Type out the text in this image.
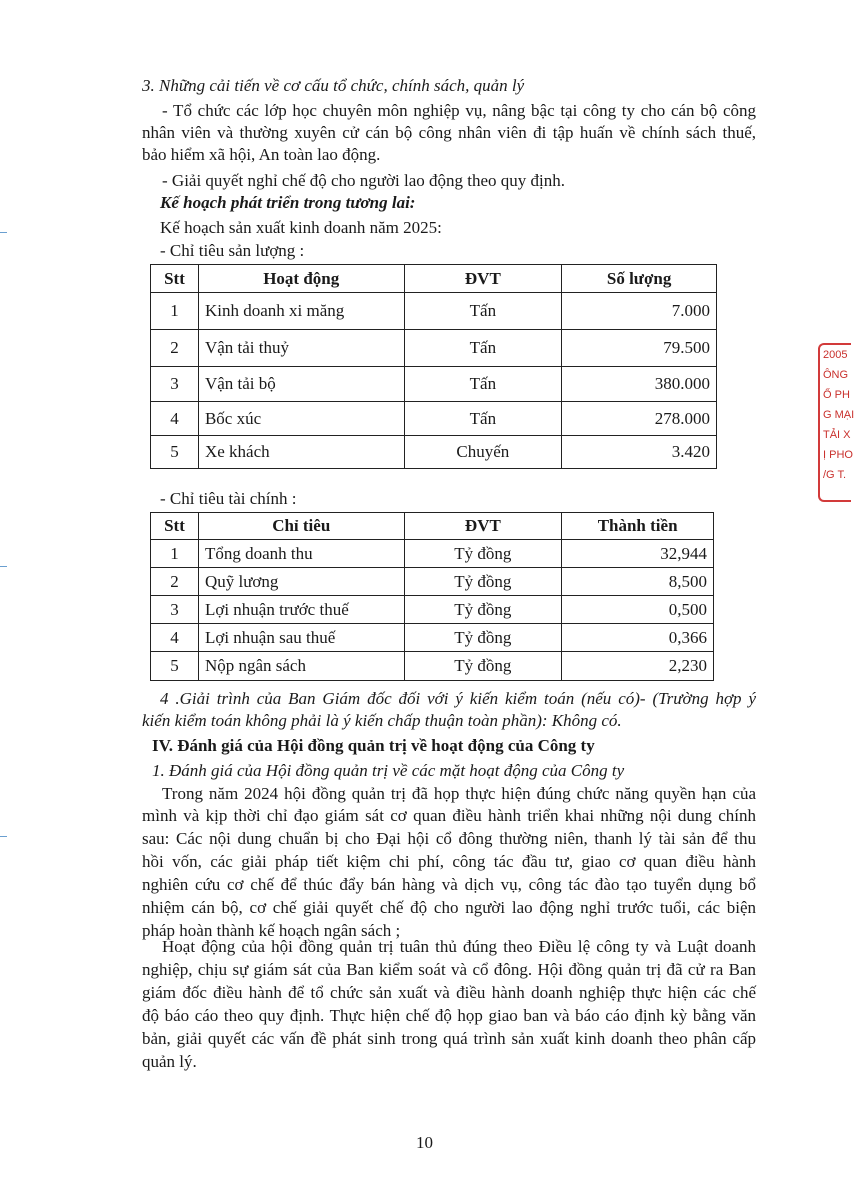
3. Những cải tiến về cơ cấu tổ chức, chính sách, quản lý
- Tổ chức các lớp học chuyên môn nghiệp vụ, nâng bậc tại công ty cho cán bộ công
nhân viên và thường xuyên cử cán bộ công nhân viên đi tập huấn về chính sách thuế,
bảo hiểm xã hội, An toàn lao động.
- Giải quyết nghỉ chế độ cho người lao động theo quy định.
Kế hoạch phát triển trong tương lai:
Kế hoạch sản xuất kinh doanh năm 2025:
- Chỉ tiêu sản lượng :
Stt	Hoạt động	ĐVT	Số lượng
1	Kinh doanh xi măng	Tấn	7.000
2	Vận tải thuỷ	Tấn	79.500
3	Vận tải bộ	Tấn	380.000
4	Bốc xúc	Tấn	278.000
5	Xe khách	Chuyến	3.420
- Chỉ tiêu tài chính :
Stt	Chỉ tiêu	ĐVT	Thành tiền
1	Tổng doanh thu	Tỷ đồng	32,944
2	Quỹ lương	Tỷ đồng	8,500
3	Lợi nhuận trước thuế	Tỷ đồng	0,500
4	Lợi nhuận sau thuế	Tỷ đồng	0,366
5	Nộp ngân sách	Tỷ đồng	2,230
4 .Giải trình của Ban Giám đốc đối với ý kiến kiểm toán (nếu có)- (Trường hợp ý
kiến kiểm toán không phải là ý kiến chấp thuận toàn phần): Không có.
IV. Đánh giá của Hội đồng quản trị về hoạt động của Công ty
1. Đánh giá của Hội đồng quản trị về các mặt hoạt động của Công ty
Trong năm 2024 hội đồng quản trị đã họp thực hiện đúng chức năng quyền hạn của
mình và kịp thời chỉ đạo giám sát cơ quan điều hành triển khai những nội dung chính
sau: Các nội dung chuẩn bị cho Đại hội cổ đông thường niên, thanh lý tài sản để thu
hồi vốn, các giải pháp tiết kiệm chi phí, công tác đầu tư, giao cơ quan điều hành
nghiên cứu cơ chế để thúc đẩy bán hàng và dịch vụ, công tác đào tạo tuyển dụng bổ
nhiệm cán bộ, cơ chế giải quyết chế độ cho người lao động nghỉ trước tuổi, các biện
pháp hoàn thành kế hoạch ngân sách ;
Hoạt động của hội đồng quản trị tuân thủ đúng theo Điều lệ công ty và Luật doanh
nghiệp, chịu sự giám sát của Ban kiểm soát và cổ đông. Hội đồng quản trị đã cử ra Ban
giám đốc điều hành để tổ chức sản xuất và điều hành doanh nghiệp thực hiện các chế
độ báo cáo theo quy định. Thực hiện chế độ họp giao ban và báo cáo định kỳ bằng văn
bản, giải quyết các vấn đề phát sinh trong quá trình sản xuất kinh doanh theo phân cấp
quản lý.
10
2005
ÔNG
Ổ PH
G MẠI
TẢI X
Ị PHO
/G T.
